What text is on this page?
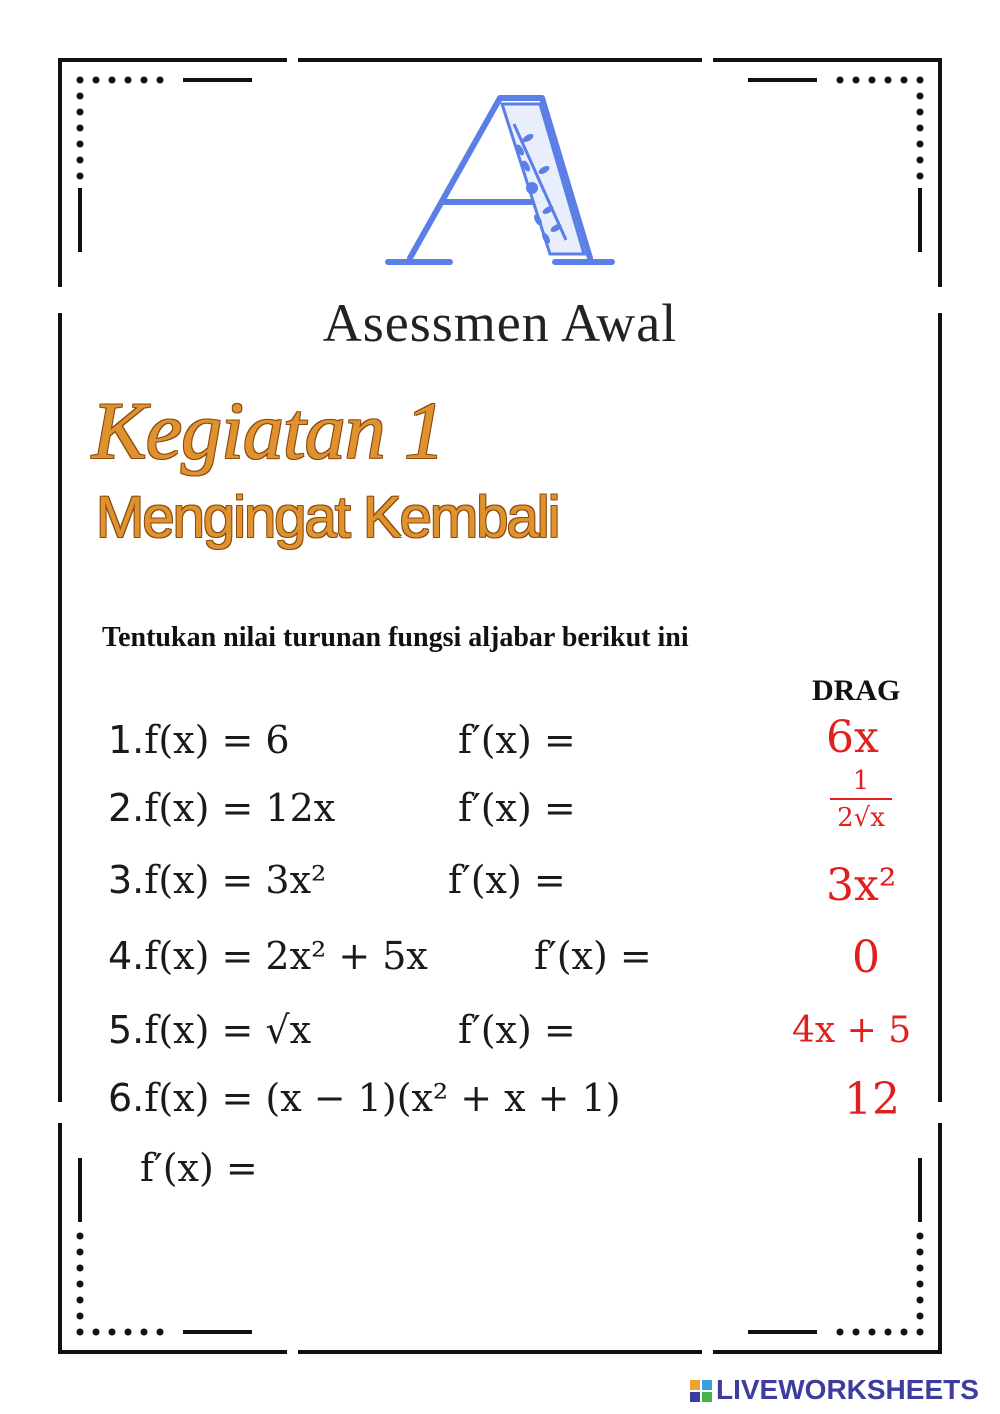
Asessmen Awal
Kegiatan 1
Mengingat Kembali
Tentukan nilai turunan fungsi aljabar berikut ini
DRAG
1.f(x) = 6	f′(x) =
2.f(x) = 12x	f′(x) =
3.f(x) = 3x²	f′(x) =
4.f(x) = 2x² + 5x	f′(x) =
5.f(x) = √x	f′(x) =
6.f(x) = (x − 1)(x² + x + 1)
f′(x) =
6x
1
2√x
3x²
0
4x + 5
12
LIVEWORKSHEETS
